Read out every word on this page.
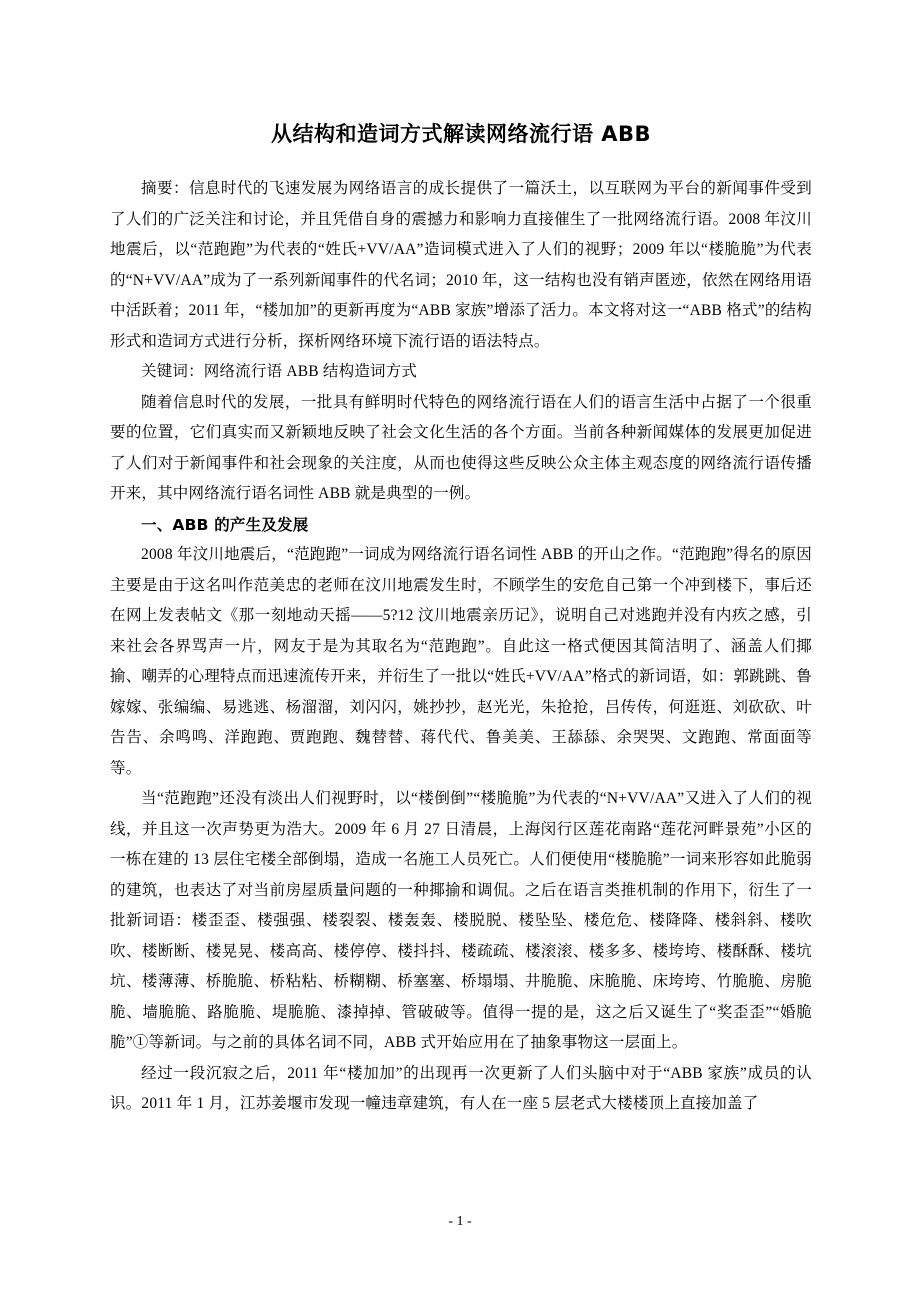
从结构和造词方式解读网络流行语 ABB

摘要：信息时代的飞速发展为网络语言的成长提供了一篇沃土，以互联网为平台的新闻事件受到了人们的广泛关注和讨论，并且凭借自身的震撼力和影响力直接催生了一批网络流行语。2008 年汶川地震后，以“范跑跑”为代表的“姓氏+VV/AA”造词模式进入了人们的视野；2009 年以“楼脆脆”为代表的“N+VV/AA”成为了一系列新闻事件的代名词；2010 年，这一结构也没有销声匿迹，依然在网络用语中活跃着；2011 年，“楼加加”的更新再度为“ABB 家族”增添了活力。本文将对这一“ABB 格式”的结构形式和造词方式进行分析，探析网络环境下流行语的语法特点。

关键词：网络流行语 ABB 结构造词方式

随着信息时代的发展，一批具有鲜明时代特色的网络流行语在人们的语言生活中占据了一个很重要的位置，它们真实而又新颖地反映了社会文化生活的各个方面。当前各种新闻媒体的发展更加促进了人们对于新闻事件和社会现象的关注度，从而也使得这些反映公众主体主观态度的网络流行语传播开来，其中网络流行语名词性 ABB 就是典型的一例。

一、ABB 的产生及发展

2008 年汶川地震后，“范跑跑”一词成为网络流行语名词性 ABB 的开山之作。“范跑跑”得名的原因主要是由于这名叫作范美忠的老师在汶川地震发生时，不顾学生的安危自己第一个冲到楼下，事后还在网上发表帖文《那一刻地动天摇——5?12 汶川地震亲历记》，说明自己对逃跑并没有内疚之感，引来社会各界骂声一片，网友于是为其取名为“范跑跑”。自此这一格式便因其简洁明了、涵盖人们揶揄、嘲弄的心理特点而迅速流传开来，并衍生了一批以“姓氏+VV/AA”格式的新词语，如：郭跳跳、鲁嫁嫁、张编编、易逃逃、杨溜溜，刘闪闪，姚抄抄，赵光光，朱抢抢，吕传传，何逛逛、刘砍砍、叶告告、余鸣鸣、洋跑跑、贾跑跑、魏替替、蒋代代、鲁美美、王舔舔、余哭哭、文跑跑、常面面等等。

当“范跑跑”还没有淡出人们视野时，以“楼倒倒”“楼脆脆”为代表的“N+VV/AA”又进入了人们的视线，并且这一次声势更为浩大。2009 年 6 月 27 日清晨，上海闵行区莲花南路“莲花河畔景苑”小区的一栋在建的 13 层住宅楼全部倒塌，造成一名施工人员死亡。人们便使用“楼脆脆”一词来形容如此脆弱的建筑，也表达了对当前房屋质量问题的一种揶揄和调侃。之后在语言类推机制的作用下，衍生了一批新词语：楼歪歪、楼强强、楼裂裂、楼轰轰、楼脱脱、楼坠坠、楼危危、楼降降、楼斜斜、楼吹吹、楼断断、楼晃晃、楼高高、楼停停、楼抖抖、楼疏疏、楼滚滚、楼多多、楼垮垮、楼酥酥、楼坑坑、楼薄薄、桥脆脆、桥粘粘、桥糊糊、桥塞塞、桥塌塌、井脆脆、床脆脆、床垮垮、竹脆脆、房脆脆、墙脆脆、路脆脆、堤脆脆、漆掉掉、管破破等。值得一提的是，这之后又诞生了“奖歪歪”“婚脆脆”①等新词。与之前的具体名词不同，ABB 式开始应用在了抽象事物这一层面上。

经过一段沉寂之后，2011 年“楼加加”的出现再一次更新了人们头脑中对于“ABB 家族”成员的认识。2011 年 1 月，江苏姜堰市发现一幢违章建筑，有人在一座 5 层老式大楼楼顶上直接加盖了

- 1 -
